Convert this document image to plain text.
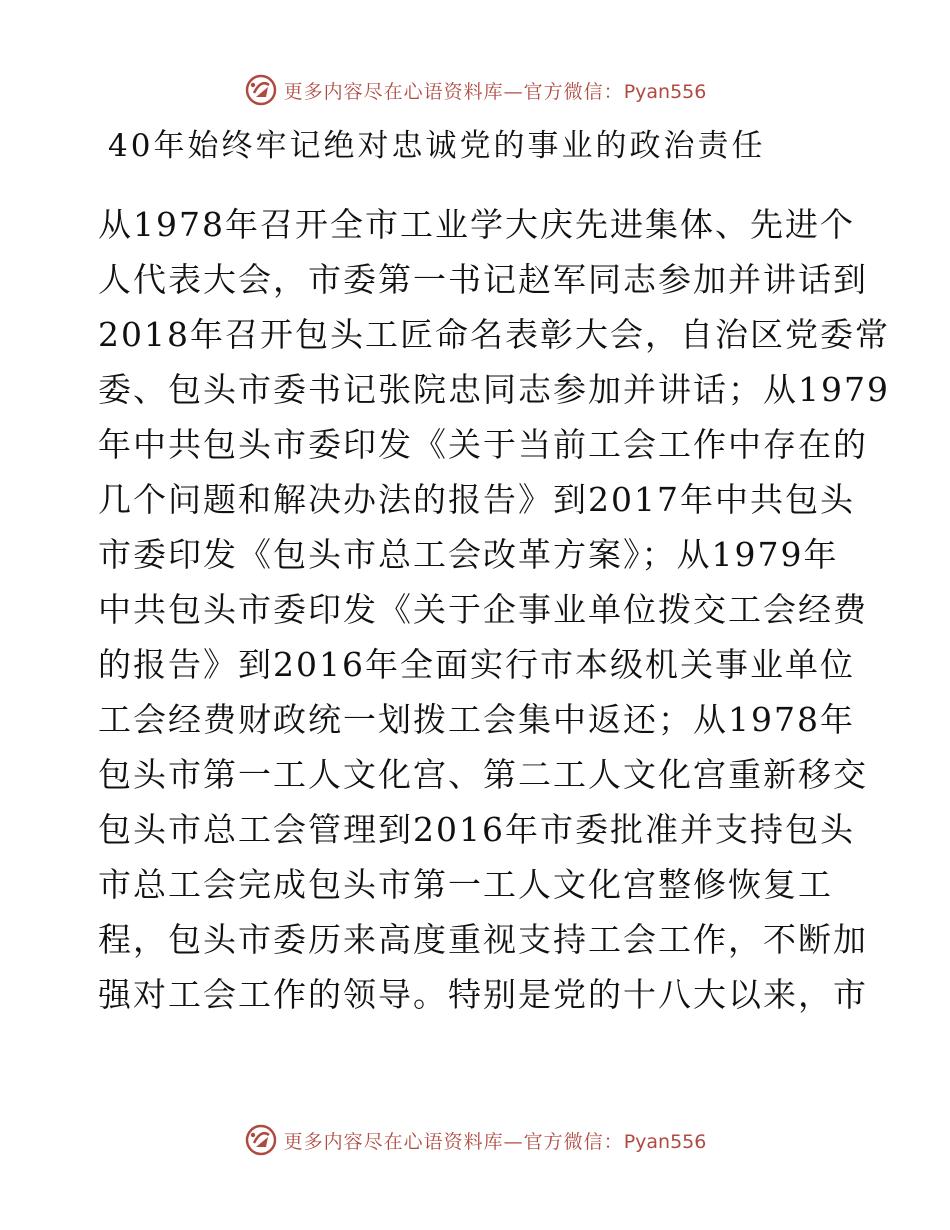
更多内容尽在心语资料库—官方微信：Pyan556
40年始终牢记绝对忠诚党的事业的政治责任
从1978年召开全市工业学大庆先进集体、先进个
人代表大会，市委第一书记赵军同志参加并讲话到
2018年召开包头工匠命名表彰大会，自治区党委常
委、包头市委书记张院忠同志参加并讲话；从1979
年中共包头市委印发《关于当前工会工作中存在的
几个问题和解决办法的报告》到2017年中共包头
市委印发《包头市总工会改革方案》；从1979年
中共包头市委印发《关于企事业单位拨交工会经费
的报告》到2016年全面实行市本级机关事业单位
工会经费财政统一划拨工会集中返还；从1978年
包头市第一工人文化宫、第二工人文化宫重新移交
包头市总工会管理到2016年市委批准并支持包头
市总工会完成包头市第一工人文化宫整修恢复工
程，包头市委历来高度重视支持工会工作，不断加
强对工会工作的领导。特别是党的十八大以来，市
更多内容尽在心语资料库—官方微信：Pyan556
